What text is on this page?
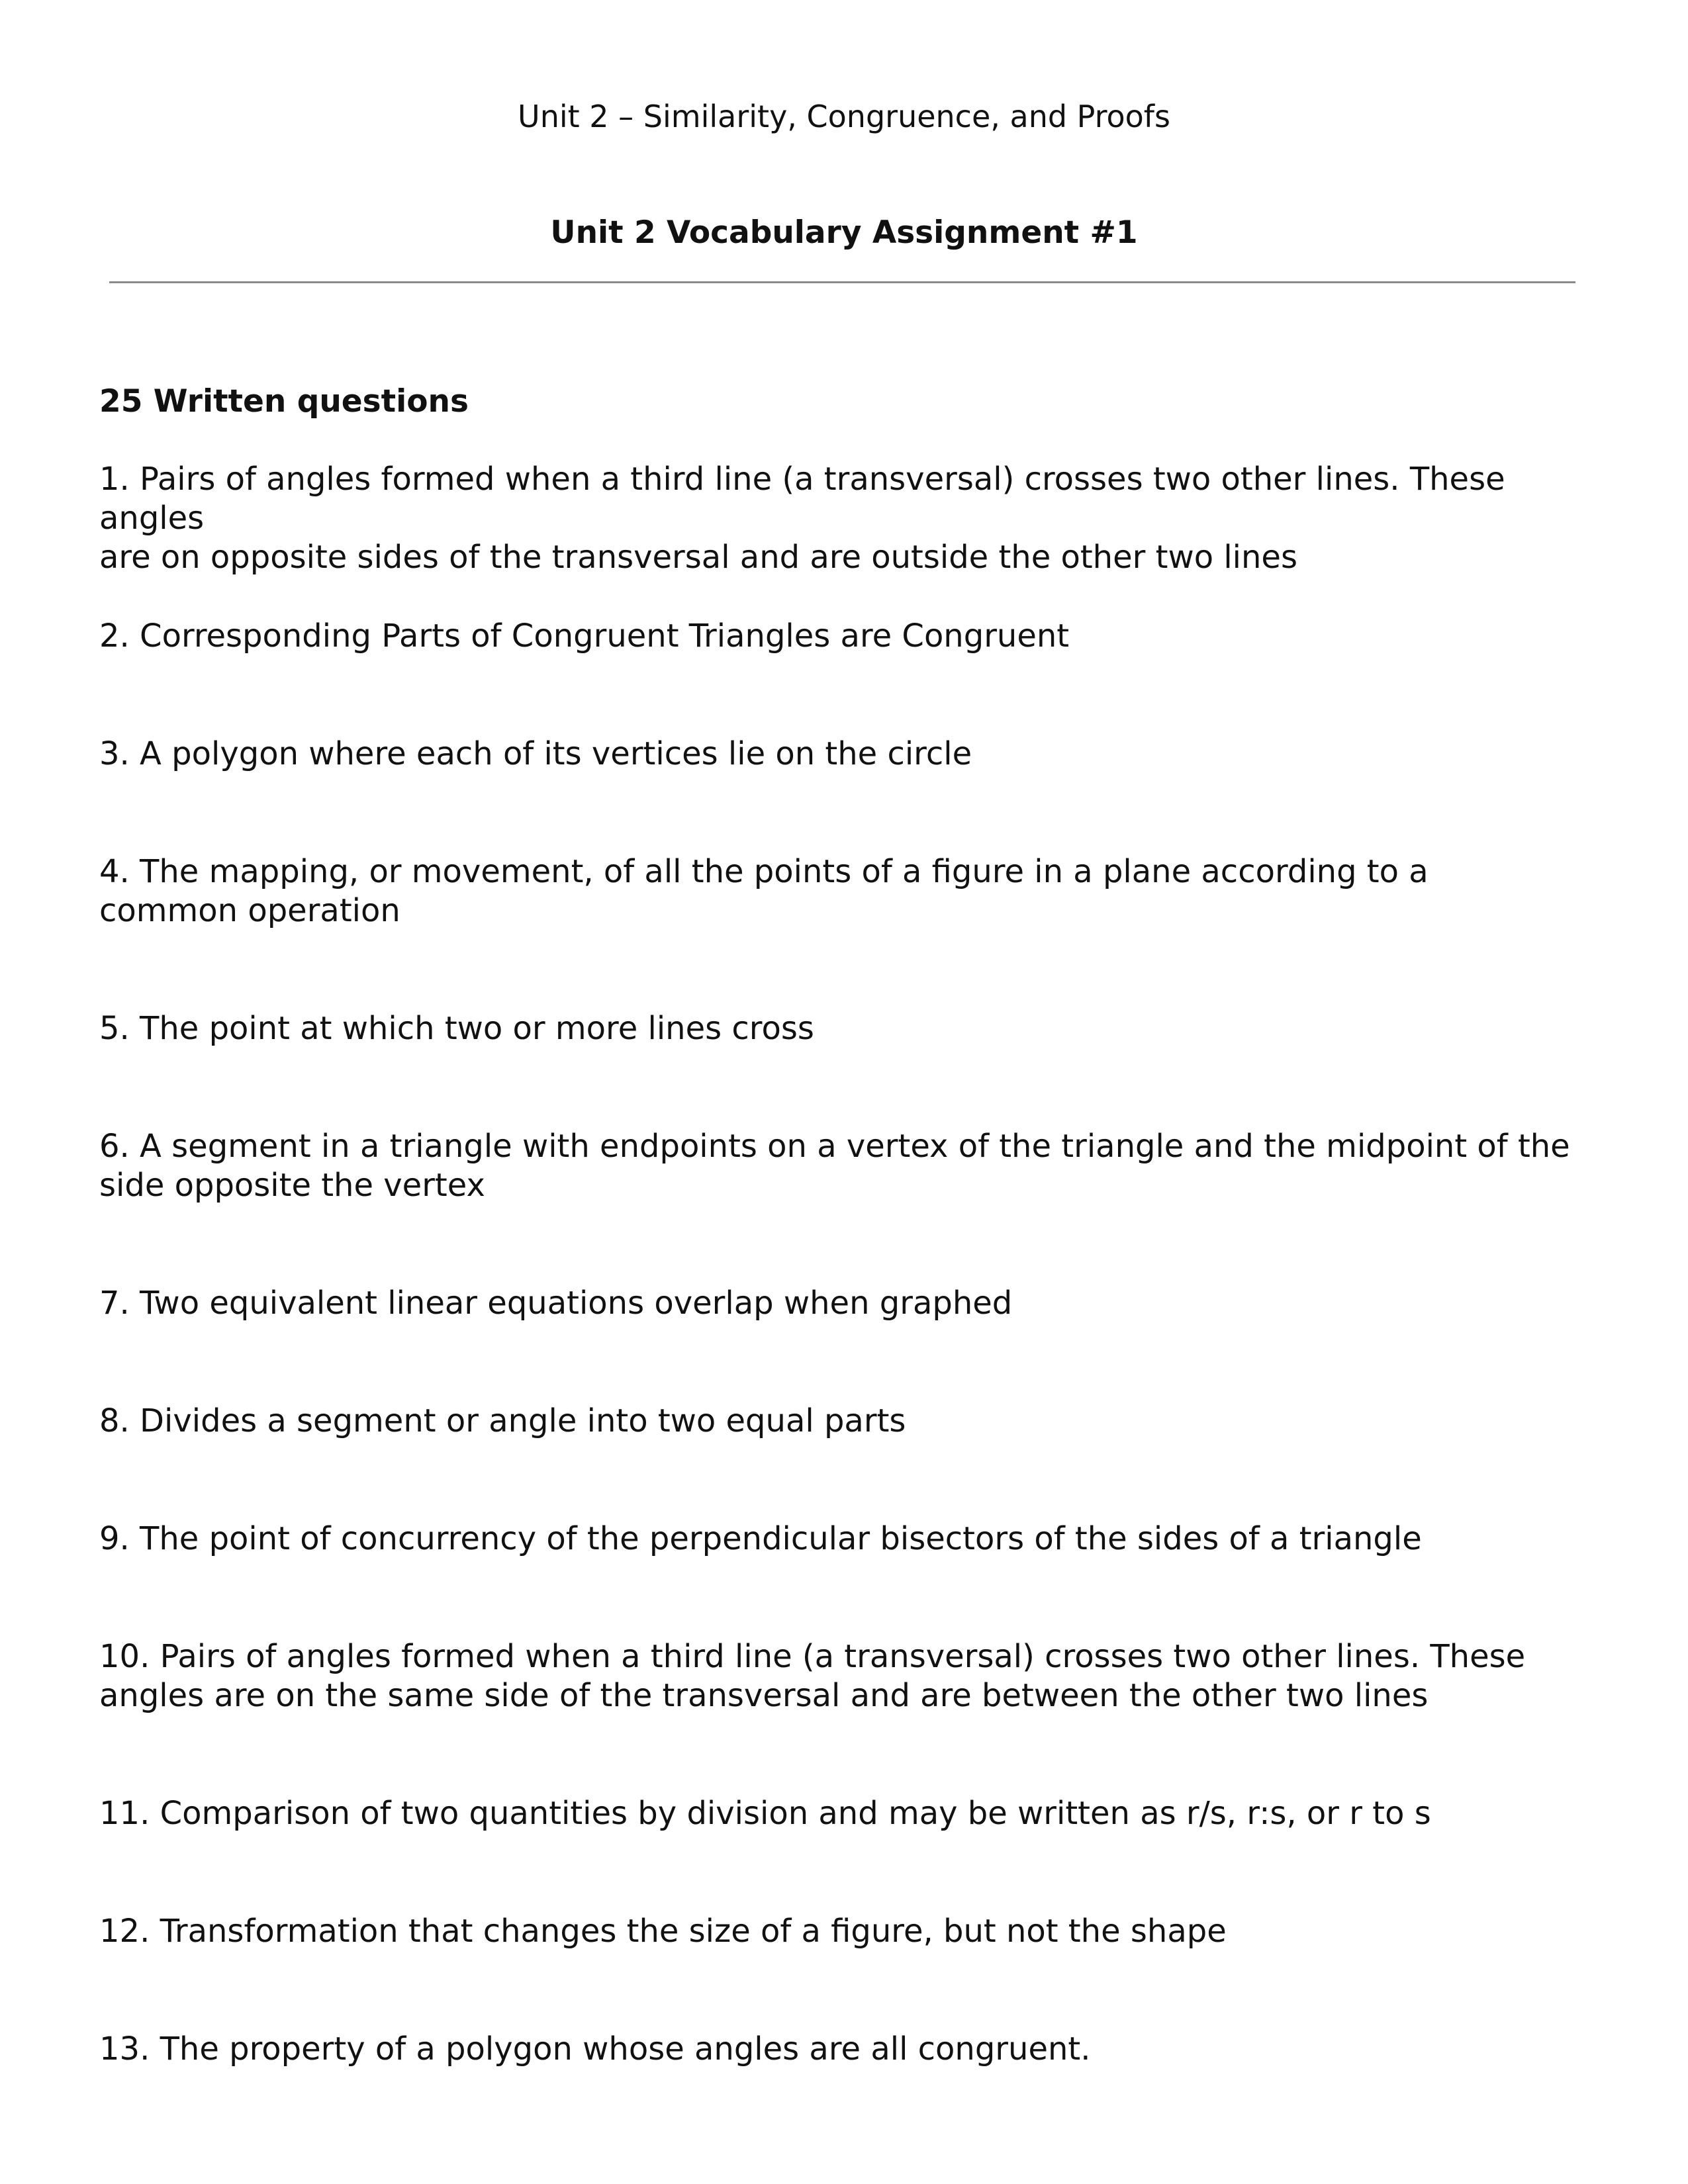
Unit 2 – Similarity, Congruence, and Proofs
Unit 2 Vocabulary Assignment #1
25 Written questions
1. Pairs of angles formed when a third line (a transversal) crosses two other lines. These angles
are on opposite sides of the transversal and are outside the other two lines
2. Corresponding Parts of Congruent Triangles are Congruent
3. A polygon where each of its vertices lie on the circle
4. The mapping, or movement, of all the points of a figure in a plane according to a
common operation
5. The point at which two or more lines cross
6. A segment in a triangle with endpoints on a vertex of the triangle and the midpoint of the
side opposite the vertex
7. Two equivalent linear equations overlap when graphed
8. Divides a segment or angle into two equal parts
9. The point of concurrency of the perpendicular bisectors of the sides of a triangle
10. Pairs of angles formed when a third line (a transversal) crosses two other lines. These
angles are on the same side of the transversal and are between the other two lines
11. Comparison of two quantities by division and may be written as r/s, r:s, or r to s
12. Transformation that changes the size of a figure, but not the shape
13. The property of a polygon whose angles are all congruent.
